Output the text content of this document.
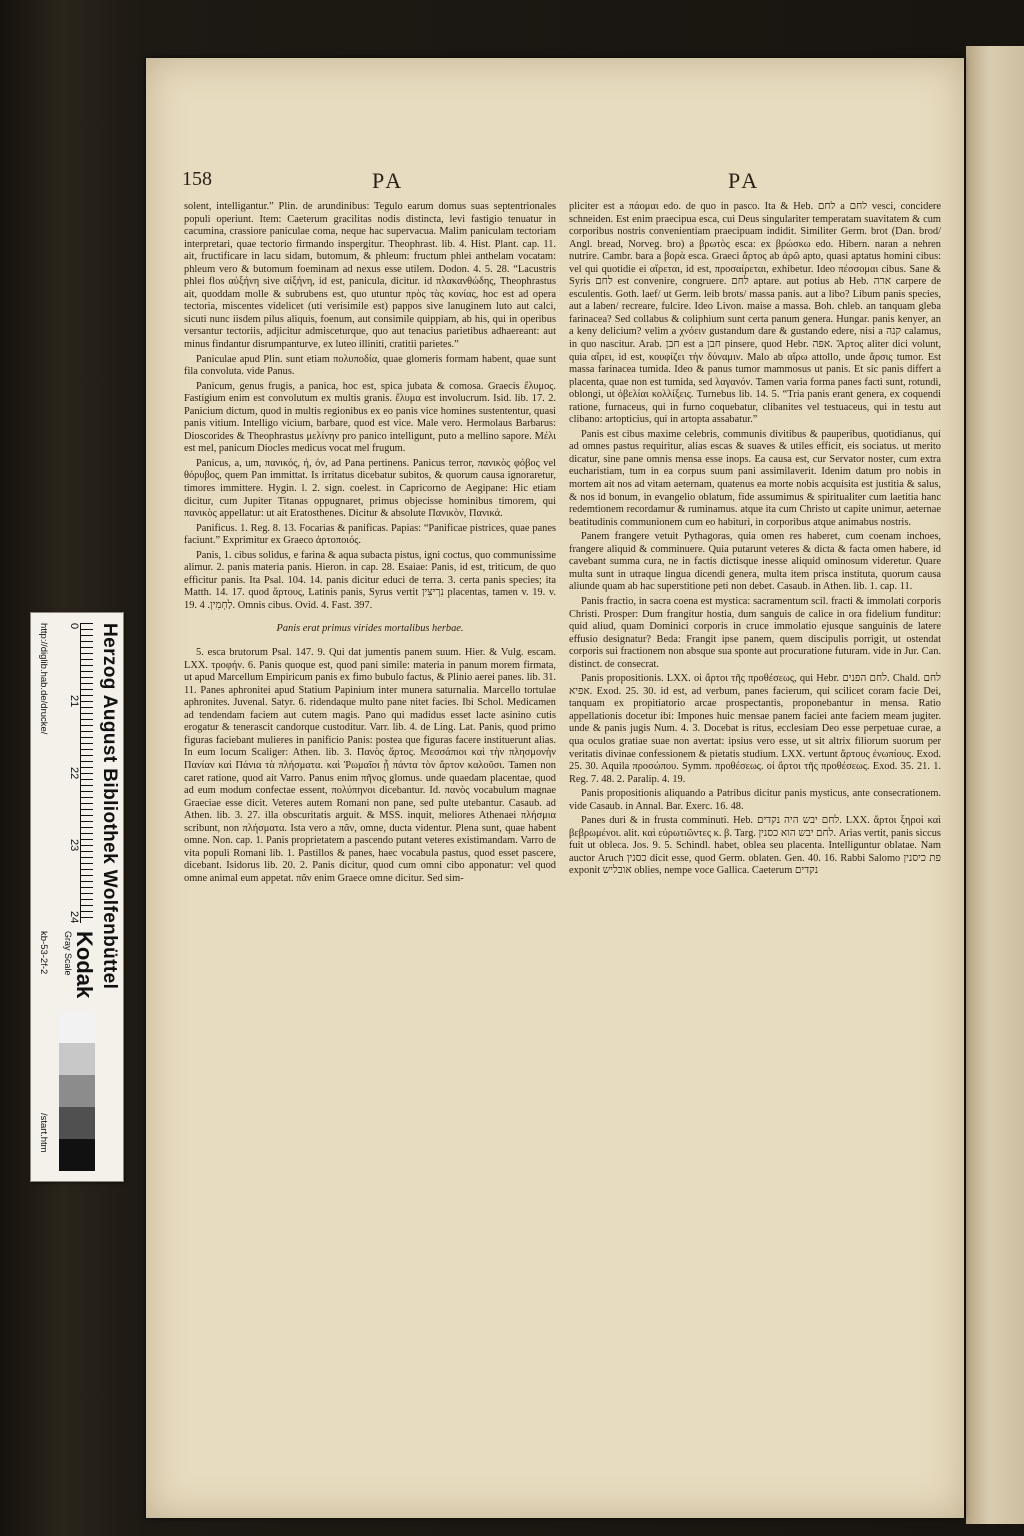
158	PA	PA

solent, intelligantur.” Plin. de arundinibus: Tegulo earum domus suas septentrionales populi operiunt. Item: Caeterum gracilitas nodis distincta, levi fastigio tenuatur in cacumina, crassiore paniculae coma, neque hac supervacua. Malim paniculam tectoriam interpretari, quae tectorio firmando inspergitur. Theophrast. lib. 4. Hist. Plant. cap. 11. ait, fructificare in lacu sidam, butomum, & phleum: fructum phlei anthelam vocatam: phleum vero & butomum foeminam ad nexus esse utilem. Dodon. 4. 5. 28. “Lacustris phlei flos αὐξήνη sive αἰξήνη, id est, panicula, dicitur. id πλακανθώδης, Theophrastus ait, quoddam molle & subrubens est, quo utuntur πρὸς τὰς κονίας, hoc est ad opera tectoria, miscentes videlicet (uti verisimile est) pappos sive lanuginem luto aut calci, sicuti nunc iisdem pilus aliquis, foenum, aut consimile quippiam, ab his, qui in operibus versantur tectoriis, adjicitur admisceturque, quo aut tenacius parietibus adhaereant: aut minus findantur disrumpanturve, ex luteo illiniti, cratitii parietes.”

Paniculae apud Plin. sunt etiam πολυποδία, quae glomeris formam habent, quae sunt fila convoluta. vide Panus.

Panicum, genus frugis, a panica, hoc est, spica jubata & comosa. Graecis ἔλυμος. Fastigium enim est convolutum ex multis granis. ἔλυμα est involucrum. Isid. lib. 17. 2. Panicium dictum, quod in multis regionibus ex eo panis vice homines sustententur, quasi panis vitium. Intelligo vicium, barbare, quod est vice. Male vero. Hermolaus Barbarus: Dioscorides & Theophrastus μελίνην pro panico intelligunt, puto a mellino sapore. Μέλι est mel, panicum Diocles medicus vocat mel frugum.

Panicus, a, um, πανικός, ή, όν, ad Pana pertinens. Panicus terror, πανικὸς φόβος vel θόρυβος, quem Pan immittat. Is irritatus dicebatur subitos, & quorum causa ignoraretur, timores immittere. Hygin. l. 2. sign. coelest. in Capricorno de Aegipane: Hic etiam dicitur, cum Jupiter Titanas oppugnaret, primus objecisse hominibus timorem, qui πανικὸς appellatur: ut ait Eratosthenes. Dicitur & absolute Πανικὸν, Πανικά.

Panificus. 1. Reg. 8. 13. Focarias & panificas. Papias: “Panificae pistrices, quae panes faciunt.” Exprimitur ex Graeco ἀρτοποιός.

Panis, 1. cibus solidus, e farina & aqua subacta pistus, igni coctus, quo communissime alimur. 2. panis materia panis. Hieron. in cap. 28. Esaiae: Panis, id est, triticum, de quo efficitur panis. Ita Psal. 104. 14. panis dicitur educi de terra. 3. certa panis species; ita Matth. 14. 17. quod ἄρτους, Latinis panis, Syrus vertit נִרְיצִין placentas, tamen v. 19. v. 19. לַחְמִין. 4. Omnis cibus. Ovid. 4. Fast. 397.

Panis erat primus virides mortalibus herbae.

5. esca brutorum Psal. 147. 9. Qui dat jumentis panem suum. Hier. & Vulg. escam. LXX. τροφήν. 6. Panis quoque est, quod pani simile: materia in panum morem firmata, ut apud Marcellum Empiricum panis ex fimo bubulo factus, & Plinio aerei panes. lib. 31. 11. Panes aphronitei apud Statium Papinium inter munera saturnalia. Marcello tortulae aphronites. Juvenal. Satyr. 6. ridendaque multo pane nitet facies. Ibi Schol. Medicamen ad tendendam faciem aut cutem magis. Pano qui madidus esset lacte asinino cutis erogatur & tenerascit candorque custoditur. Varr. lib. 4. de Ling. Lat. Panis, quod primo figuras faciebant mulieres in panificio Panis: postea que figuras facere instituerunt alias. In eum locum Scaliger: Athen. lib. 3. Πανὸς ἄρτος. Μεσσάπιοι καὶ τὴν πλησμονὴν Πανίαν καὶ Πάνια τὰ πλήσματα. καὶ Ῥωμαῖοι ᾗ πάντα τὸν ἄρτον καλοῦσι. Tamen non caret ratione, quod ait Varro. Panus enim πῆνος glomus. unde quaedam placentae, quod ad eum modum confectae essent, πολύπηνοι dicebantur. Id. πανὸς vocabulum magnae Graeciae esse dicit. Veteres autem Romani non pane, sed pulte utebantur. Casaub. ad Athen. lib. 3. 27. illa obscuritatis arguit. & MSS. inquit, meliores Athenaei πλήσμια scribunt, non πλήσματα. Ista vero a πᾶν, omne, ducta videntur. Plena sunt, quae habent omne. Non. cap. 1. Panis proprietatem a pascendo putant veteres existimandam. Varro de vita populi Romani lib. 1. Pastillos & panes, haec vocabula pastus, quod esset pascere, dicebant. Isidorus lib. 20. 2. Panis dicitur, quod cum omni cibo apponatur: vel quod omne animal eum appetat. πᾶν enim Graece omne dicitur. Sed sim-

pliciter est a πάομαι edo. de quo in pasco. Ita & Heb. לחם a לחם vesci, concidere schneiden. Est enim praecipua esca, cui Deus singulariter temperatam suavitatem & cum corporibus nostris convenientiam praecipuam indidit. Similiter Germ. brot (Dan. brod/ Angl. bread, Norveg. bro) a βρωτὸς esca: ex βρώσκω edo. Hibern. naran a nehren nutrire. Cambr. bara a βορὰ esca. Graeci ἄρτος ab ἀρῶ apto, quasi aptatus homini cibus: vel qui quotidie ei αἴρεται, id est, προσαίρεται, exhibetur. Ideo πέσσομαι cibus. Sane & Syris לחם est convenire, congruere. לחם aptare. aut potius ab Heb. ארה carpere de esculentis. Goth. laef/ ut Germ. leib brots/ massa panis. aut a libo? Libum panis species, aut a laben/ recreare, fulcire. Ideo Livon. maise a massa. Boh. chleb. an tanquam gleba farinacea? Sed collabus & coliphium sunt certa panum genera. Hungar. panis kenyer, an a keny delicium? velim a χνόειν gustandum dare & gustando edere, nisi a קנה calamus, in quo nascitur. Arab. חבן est a חבן pinsere, quod Hebr. אפה. Ἄρτος aliter dici volunt, quia αἴρει, id est, κουφίζει τὴν δύναμιν. Malo ab αἴρω attollo, unde ἄρσις tumor. Est massa farinacea tumida. Ideo & panus tumor mammosus ut panis. Et sic panis differt a placenta, quae non est tumida, sed λαγανόν. Tamen varia forma panes facti sunt, rotundi, oblongi, ut ὀβελίαι κολλίξεις. Turnebus lib. 14. 5. “Tria panis erant genera, ex coquendi ratione, furnaceus, qui in furno coquebatur, clibanites vel testuaceus, qui in testu aut clibano: artopticius, qui in artopta assabatur.”

Panis est cibus maxime celebris, communis divitibus & pauperibus, quotidianus, qui ad omnes pastus requiritur, alias escas & suaves & utiles efficit, eis sociatus. ut merito dicatur, sine pane omnis mensa esse inops. Ea causa est, cur Servator noster, cum extra eucharistiam, tum in ea corpus suum pani assimilaverit. Idenim datum pro nobis in mortem ait nos ad vitam aeternam, quatenus ea morte nobis acquisita est justitia & salus, & nos id bonum, in evangelio oblatum, fide assumimus & spiritualiter cum laetitia hanc redemtionem recordamur & ruminamus. atque ita cum Christo ut capite unimur, aeternae beatitudinis communionem cum eo habituri, in corporibus atque animabus nostris.

Panem frangere vetuit Pythagoras, quia omen res haberet, cum coenam inchoes, frangere aliquid & comminuere. Quia putarunt veteres & dicta & facta omen habere, id cavebant summa cura, ne in factis dictisque inesse aliquid ominosum videretur. Quare multa sunt in utraque lingua dicendi genera, multa item prisca instituta, quorum causa aliunde quam ab hac superstitione peti non debet. Casaub. in Athen. lib. 1. cap. 11.

Panis fractio, in sacra coena est mystica: sacramentum scil. fracti & immolati corporis Christi. Prosper: Dum frangitur hostia, dum sanguis de calice in ora fidelium funditur: quid aliud, quam Dominici corporis in cruce immolatio ejusque sanguinis de latere effusio designatur? Beda: Frangit ipse panem, quem discipulis porrigit, ut ostendat corporis sui fractionem non absque sua sponte aut procuratione futuram. vide in Jur. Can. distinct. de consecrat.

Panis propositionis. LXX. οἱ ἄρτοι τῆς προθέσεως, qui Hebr. לחם הפנים. Chald. לחם אפיא. Exod. 25. 30. id est, ad verbum, panes facierum, qui scilicet coram facie Dei, tanquam ex propitiatorio arcae prospectantis, proponebantur in mensa. Ratio appellationis docetur ibi: Impones huic mensae panem faciei ante faciem meam jugiter. unde & panis jugis Num. 4. 3. Docebat is ritus, ecclesiam Deo esse perpetuae curae, a qua oculos gratiae suae non avertat: ipsius vero esse, ut sit altrix filiorum suorum per veritatis divinae confessionem & pietatis studium. LXX. vertunt ἄρτους ἐνωπίους. Exod. 25. 30. Aquila προσώπου. Symm. προθέσεως. οἱ ἄρτοι τῆς προθέσεως. Exod. 35. 21. 1. Reg. 7. 48. 2. Paralip. 4. 19.

Panis propositionis aliquando a Patribus dicitur panis mysticus, ante consecrationem. vide Casaub. in Annal. Bar. Exerc. 16. 48.

Panes duri & in frusta comminuti. Heb. לחם יבש היה נקדים. LXX. ἄρτοι ξηροὶ καὶ βεβρωμένοι. alit. καὶ εὐρωτιῶντες κ. β. Targ. לחם יבש הוא כסנין. Arias vertit, panis siccus fuit ut obleca. Jos. 9. 5. Schindl. habet, oblea seu placenta. Intelliguntur oblatae. Nam auctor Aruch כסנין dicit esse, quod Germ. oblaten. Gen. 40. 16. Rabbi Salomo פת כיסנין exponit אובליש oblies, nempe voce Gallica. Caeterum נקדים

Herzog August Bibliothek Wolfenbüttel
0
21
22
23
24
http://diglib.hab.de/drucke/
Kodak
Gray Scale
kb-53-2f-2
/start.htm
